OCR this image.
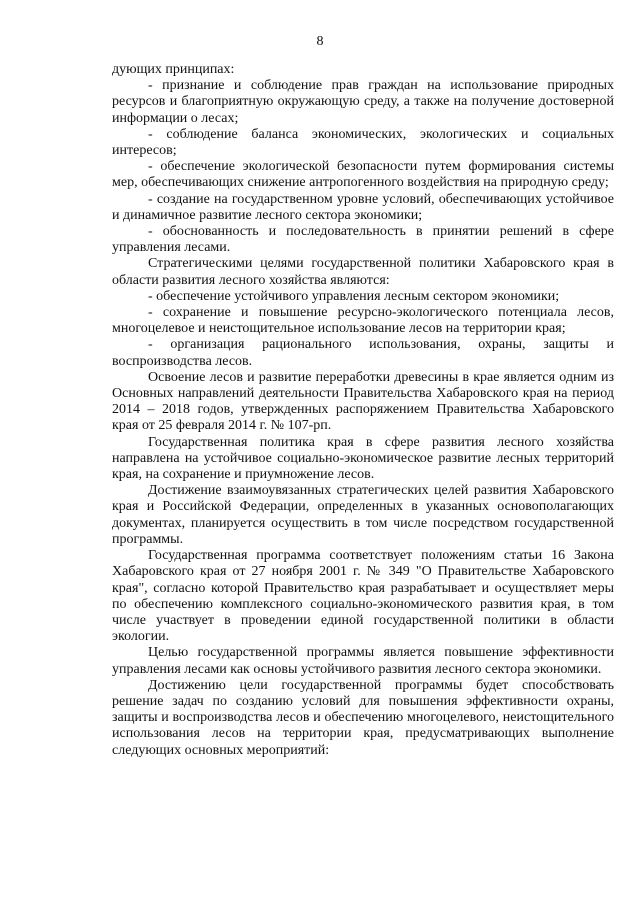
8

дующих принципах:

- признание и соблюдение прав граждан на использование природных ресурсов и благоприятную окружающую среду, а также на получение достоверной информации о лесах;

- соблюдение баланса экономических, экологических и социальных интересов;

- обеспечение экологической безопасности путем формирования системы мер, обеспечивающих снижение антропогенного воздействия на природную среду;

- создание на государственном уровне условий, обеспечивающих устойчивое и динамичное развитие лесного сектора экономики;

- обоснованность и последовательность в принятии решений в сфере управления лесами.

Стратегическими целями государственной политики Хабаровского края в области развития лесного хозяйства являются:

- обеспечение устойчивого управления лесным сектором экономики;

- сохранение и повышение ресурсно-экологического потенциала лесов, многоцелевое и неистощительное использование лесов на территории края;

- организация рационального использования, охраны, защиты и воспроизводства лесов.

Освоение лесов и развитие переработки древесины в крае является одним из Основных направлений деятельности Правительства Хабаровского края на период 2014 – 2018 годов, утвержденных распоряжением Правительства Хабаровского края от 25 февраля 2014 г. № 107-рп.

Государственная политика края в сфере развития лесного хозяйства направлена на устойчивое социально-экономическое развитие лесных территорий края, на сохранение и приумножение лесов.

Достижение взаимоувязанных стратегических целей развития Хабаровского края и Российской Федерации, определенных в указанных основополагающих документах, планируется осуществить в том числе посредством государственной программы.

Государственная программа соответствует положениям статьи 16 Закона Хабаровского края от 27 ноября 2001 г. № 349 "О Правительстве Хабаровского края", согласно которой Правительство края разрабатывает и осуществляет меры по обеспечению комплексного социально-экономического развития края, в том числе участвует в проведении единой государственной политики в области экологии.

Целью государственной программы является повышение эффективности управления лесами как основы устойчивого развития лесного сектора экономики.

Достижению цели государственной программы будет способствовать решение задач по созданию условий для повышения эффективности охраны, защиты и воспроизводства лесов и обеспечению многоцелевого, неистощительного использования лесов на территории края, предусматривающих выполнение следующих основных мероприятий:
